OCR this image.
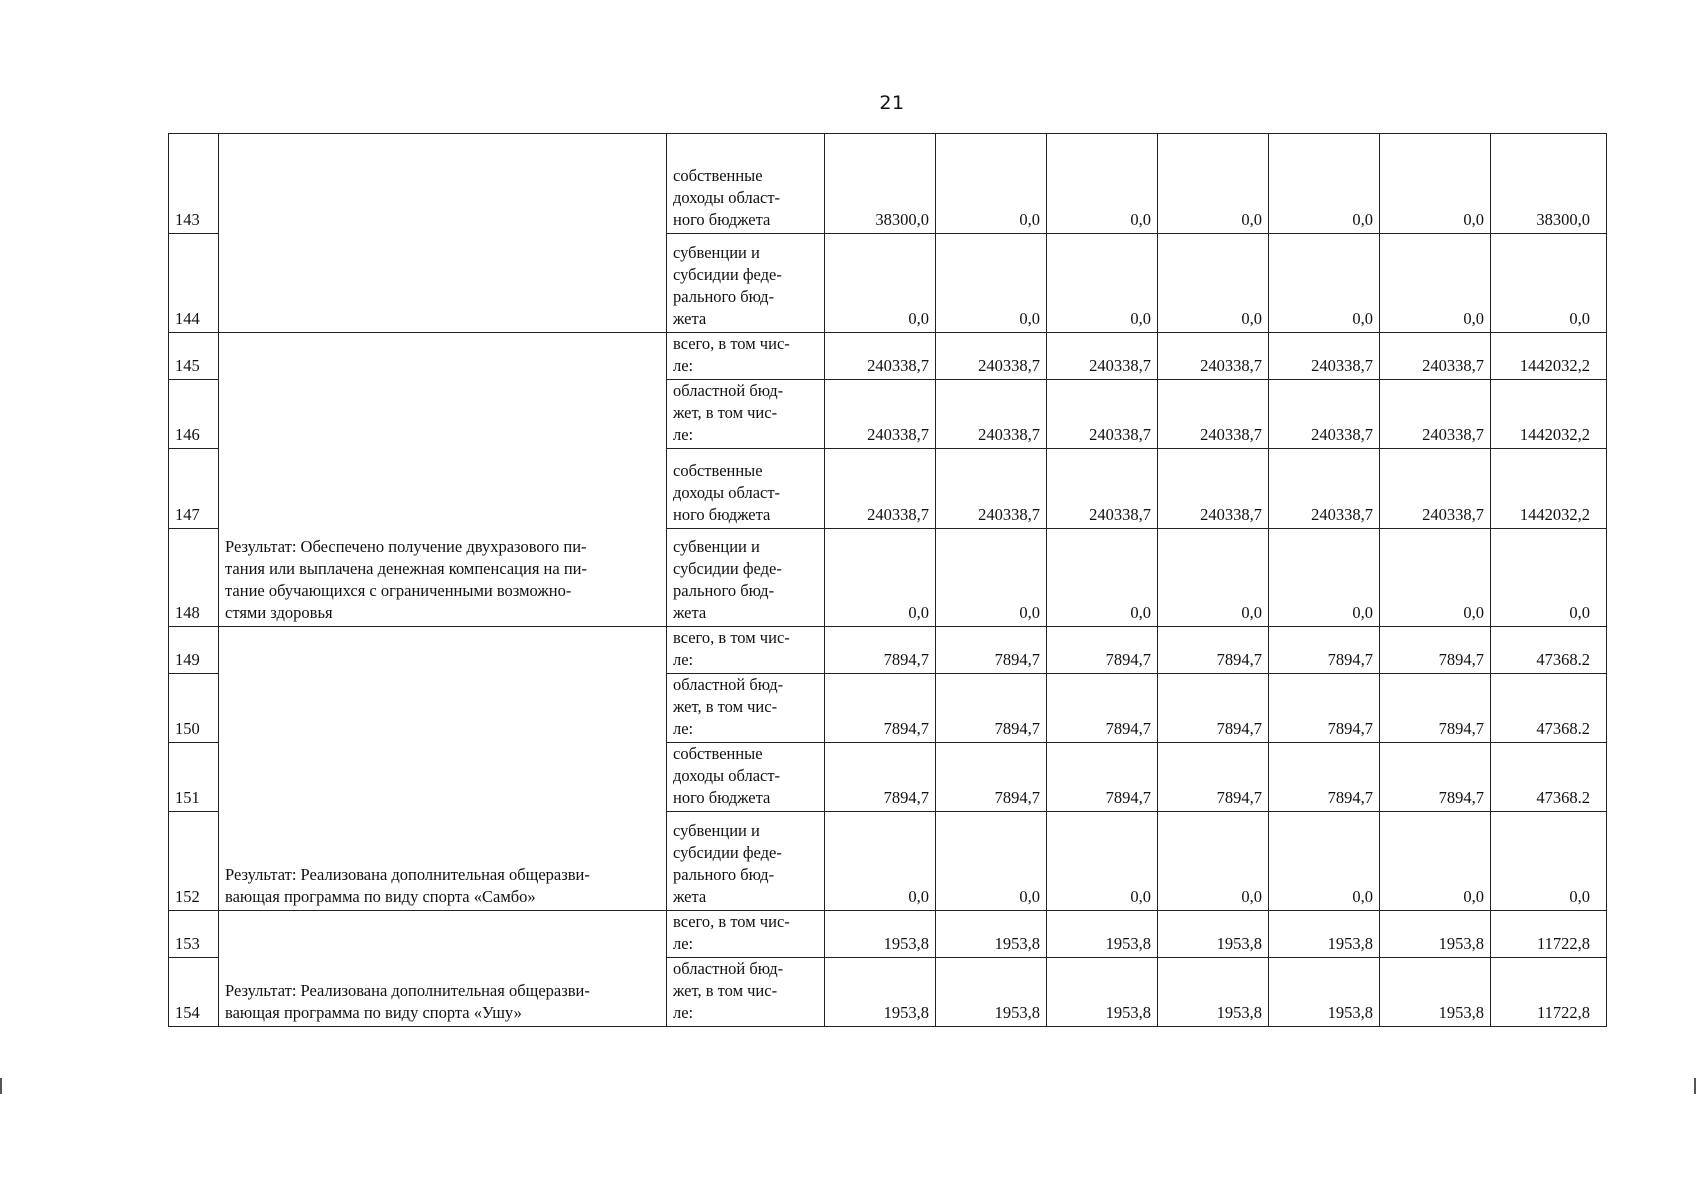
21
143		собственные
доходы област-
ного бюджета	38300,0	0,0	0,0	0,0	0,0	0,0	38300,0
144		субвенции и
субсидии феде-
рального бюд-
жета	0,0	0,0	0,0	0,0	0,0	0,0	0,0
145	Результат: Обеспечено получение двухразового пи-
тания или выплачена денежная компенсация на пи-
тание обучающихся с ограниченными возможно-
стями здоровья	всего, в том чис-
ле:	240338,7	240338,7	240338,7	240338,7	240338,7	240338,7	1442032,2
146		областной бюд-
жет, в том чис-
ле:	240338,7	240338,7	240338,7	240338,7	240338,7	240338,7	1442032,2
147		собственные
доходы област-
ного бюджета	240338,7	240338,7	240338,7	240338,7	240338,7	240338,7	1442032,2
148		субвенции и
субсидии феде-
рального бюд-
жета	0,0	0,0	0,0	0,0	0,0	0,0	0,0
149	Результат: Реализована дополнительная общеразви-
вающая программа по виду спорта «Самбо»	всего, в том чис-
ле:	7894,7	7894,7	7894,7	7894,7	7894,7	7894,7	47368.2
150		областной бюд-
жет, в том чис-
ле:	7894,7	7894,7	7894,7	7894,7	7894,7	7894,7	47368.2
151		собственные
доходы област-
ного бюджета	7894,7	7894,7	7894,7	7894,7	7894,7	7894,7	47368.2
152		субвенции и
субсидии феде-
рального бюд-
жета	0,0	0,0	0,0	0,0	0,0	0,0	0,0
153	Результат: Реализована дополнительная общеразви-
вающая программа по виду спорта «Ушу»	всего, в том чис-
ле:	1953,8	1953,8	1953,8	1953,8	1953,8	1953,8	11722,8
154		областной бюд-
жет, в том чис-
ле:	1953,8	1953,8	1953,8	1953,8	1953,8	1953,8	11722,8
